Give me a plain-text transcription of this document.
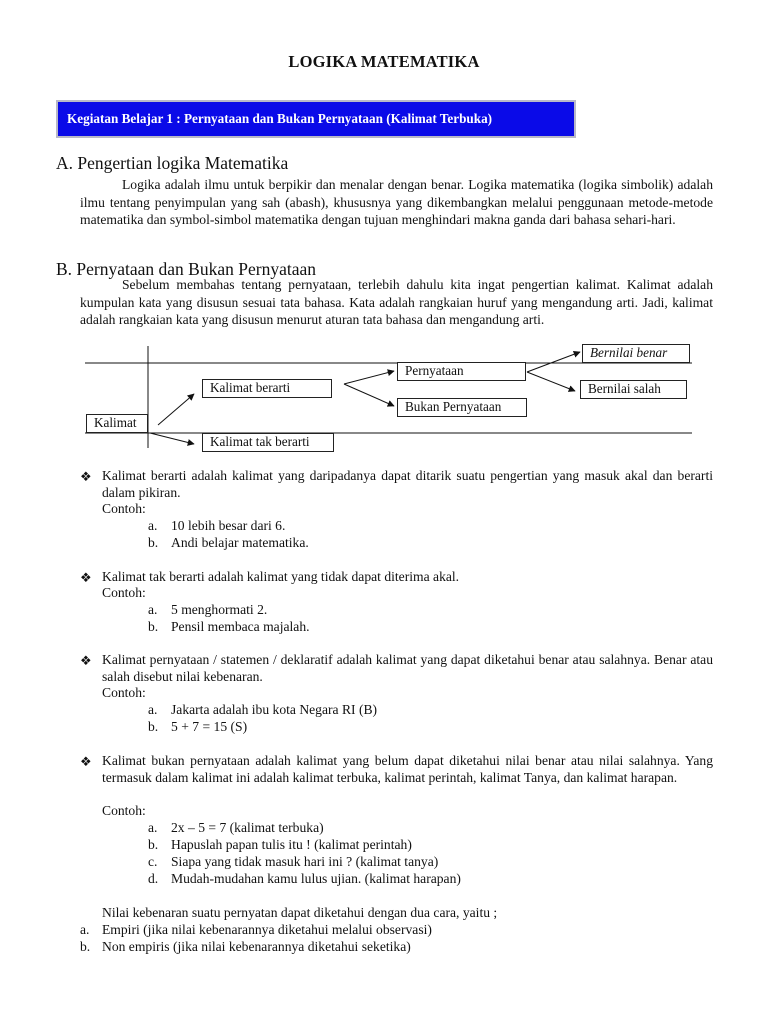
LOGIKA MATEMATIKA
Kegiatan Belajar 1 : Pernyataan dan Bukan Pernyataan (Kalimat Terbuka)
A. Pengertian logika Matematika
Logika adalah ilmu untuk berpikir dan menalar dengan benar. Logika matematika (logika simbolik) adalah ilmu tentang penyimpulan yang sah (abash), khususnya yang dikembangkan melalui penggunaan metode-metode matematika dan symbol-simbol matematika dengan tujuan menghindari makna ganda dari bahasa sehari-hari.
B. Pernyataan dan Bukan Pernyataan
Sebelum membahas tentang pernyataan, terlebih dahulu kita ingat pengertian kalimat. Kalimat adalah kumpulan kata yang disusun sesuai tata bahasa. Kata adalah rangkaian huruf yang mengandung arti. Jadi, kalimat adalah rangkaian kata yang disusun menurut aturan tata bahasa dan mengandung arti.
Kalimat
Kalimat berarti
Kalimat tak berarti
Pernyataan
Bukan Pernyataan
Bernilai benar
Bernilai salah
❖ Kalimat berarti adalah kalimat yang daripadanya dapat ditarik suatu pengertian yang masuk akal dan berarti dalam pikiran.
Contoh:
a. 10 lebih besar dari 6.
b. Andi belajar matematika.
❖ Kalimat tak berarti adalah kalimat yang tidak dapat diterima akal.
Contoh:
a. 5 menghormati 2.
b. Pensil membaca majalah.
❖ Kalimat pernyataan / statemen / deklaratif adalah kalimat yang dapat diketahui benar atau salahnya. Benar atau salah disebut nilai kebenaran.
Contoh:
a. Jakarta adalah ibu kota Negara RI (B)
b. 5 + 7 = 15 (S)
❖ Kalimat bukan pernyataan adalah kalimat yang belum dapat diketahui nilai benar atau nilai salahnya. Yang termasuk dalam kalimat ini adalah kalimat terbuka, kalimat perintah, kalimat Tanya, dan kalimat harapan.
Contoh:
a. 2x – 5 = 7 (kalimat terbuka)
b. Hapuslah papan tulis itu ! (kalimat perintah)
c. Siapa yang tidak masuk hari ini ? (kalimat tanya)
d. Mudah-mudahan kamu lulus ujian. (kalimat harapan)
Nilai kebenaran suatu pernyatan dapat diketahui dengan dua cara, yaitu ;
a. Empiri (jika nilai kebenarannya diketahui melalui observasi)
b. Non empiris (jika nilai kebenarannya diketahui seketika)
